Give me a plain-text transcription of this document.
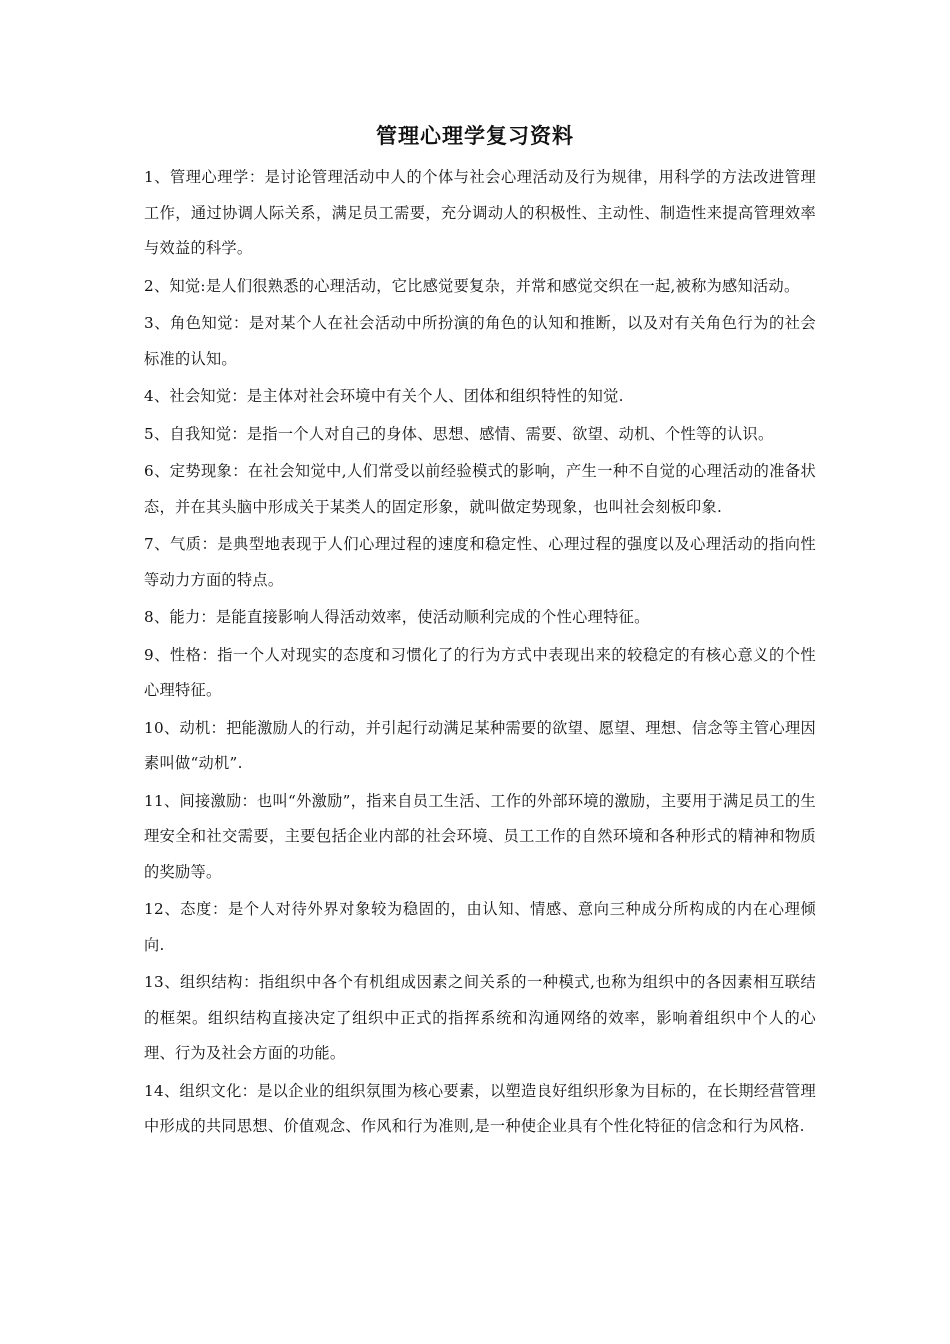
管理心理学复习资料

1、管理心理学：是讨论管理活动中人的个体与社会心理活动及行为规律，用科学的方法改进管理工作，通过协调人际关系，满足员工需要，充分调动人的积极性、主动性、制造性来提高管理效率与效益的科学。

2、知觉:是人们很熟悉的心理活动，它比感觉要复杂，并常和感觉交织在一起,被称为感知活动。

3、角色知觉：是对某个人在社会活动中所扮演的角色的认知和推断，以及对有关角色行为的社会标准的认知。

4、社会知觉：是主体对社会环境中有关个人、团体和组织特性的知觉.

5、自我知觉：是指一个人对自己的身体、思想、感情、需要、欲望、动机、个性等的认识。

6、定势现象：在社会知觉中,人们常受以前经验模式的影响，产生一种不自觉的心理活动的准备状态，并在其头脑中形成关于某类人的固定形象，就叫做定势现象，也叫社会刻板印象.

7、气质：是典型地表现于人们心理过程的速度和稳定性、心理过程的强度以及心理活动的指向性等动力方面的特点。

8、能力：是能直接影响人得活动效率，使活动顺利完成的个性心理特征。

9、性格：指一个人对现实的态度和习惯化了的行为方式中表现出来的较稳定的有核心意义的个性心理特征。

10、动机：把能激励人的行动，并引起行动满足某种需要的欲望、愿望、理想、信念等主管心理因素叫做“动机”.

11、间接激励：也叫“外激励”，指来自员工生活、工作的外部环境的激励，主要用于满足员工的生理安全和社交需要，主要包括企业内部的社会环境、员工工作的自然环境和各种形式的精神和物质的奖励等。

12、态度：是个人对待外界对象较为稳固的，由认知、情感、意向三种成分所构成的内在心理倾向.

13、组织结构：指组织中各个有机组成因素之间关系的一种模式,也称为组织中的各因素相互联结的框架。组织结构直接决定了组织中正式的指挥系统和沟通网络的效率，影响着组织中个人的心理、行为及社会方面的功能。

14、组织文化：是以企业的组织氛围为核心要素，以塑造良好组织形象为目标的，在长期经营管理中形成的共同思想、价值观念、作风和行为准则,是一种使企业具有个性化特征的信念和行为风格.
